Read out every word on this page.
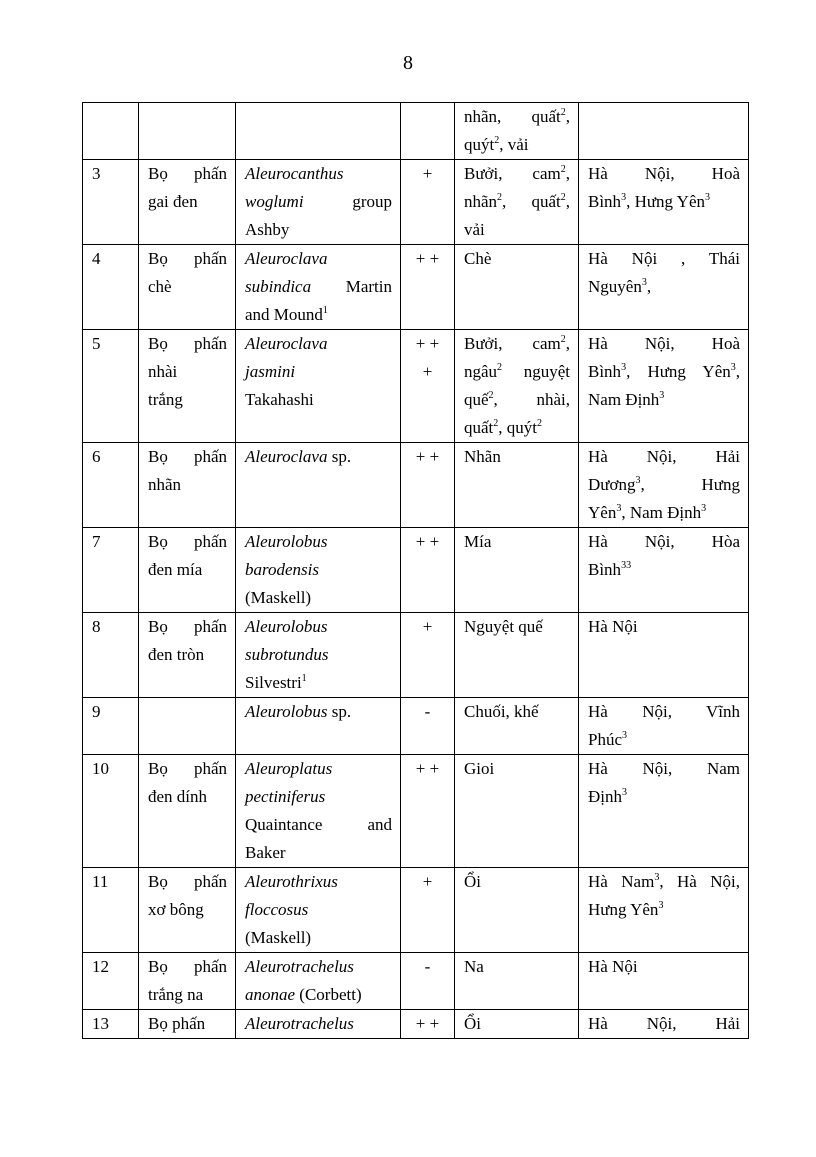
8

				nhãn, quất$^2$,
quýt$^2$, vải	

3	Bọ phấn
gai đen	Aleurocanthus
woglumi group
Ashby	+	Bưởi, cam$^2$,
nhãn$^2$, quất$^2$,
vải	Hà Nội, Hoà
Bình$^3$, Hưng Yên$^3$

4	Bọ phấn
chè	Aleuroclava
subindica Martin
and Mound$^1$	+ +	Chè	Hà Nội , Thái
Nguyên$^3$,

5	Bọ phấn
nhài
trắng	Aleuroclava
jasmini
Takahashi	+ +
+	Bưởi, cam$^2$,
ngâu$^2$ nguyệt
quế$^2$, nhài,
quất$^2$, quýt$^2$	Hà Nội, Hoà
Bình$^3$, Hưng Yên$^3$,
Nam Định$^3$

6	Bọ phấn
nhãn	Aleuroclava sp.	+ +	Nhãn	Hà Nội, Hải
Dương$^3$, Hưng
Yên$^3$, Nam Định$^3$

7	Bọ phấn
đen mía	Aleurolobus
barodensis
(Maskell)	+ +	Mía	Hà Nội, Hòa
Bình$^{33}$

8	Bọ phấn
đen tròn	Aleurolobus
subrotundus
Silvestri$^1$	+	Nguyệt quế	Hà Nội

9		Aleurolobus sp.	-	Chuối, khế	Hà Nội, Vĩnh
Phúc$^3$

10	Bọ phấn
đen dính	Aleuroplatus
pectiniferus
Quaintance and
Baker	+ +	Gioi	Hà Nội, Nam
Định$^3$

11	Bọ phấn
xơ bông	Aleurothrixus
floccosus
(Maskell)	+	Ổi	Hà Nam$^3$, Hà Nội,
Hưng Yên$^3$

12	Bọ phấn
trắng na	Aleurotrachelus
anonae (Corbett)	-	Na	Hà Nội

13	Bọ phấn	Aleurotrachelus	+ +	Ổi	Hà Nội, Hải
